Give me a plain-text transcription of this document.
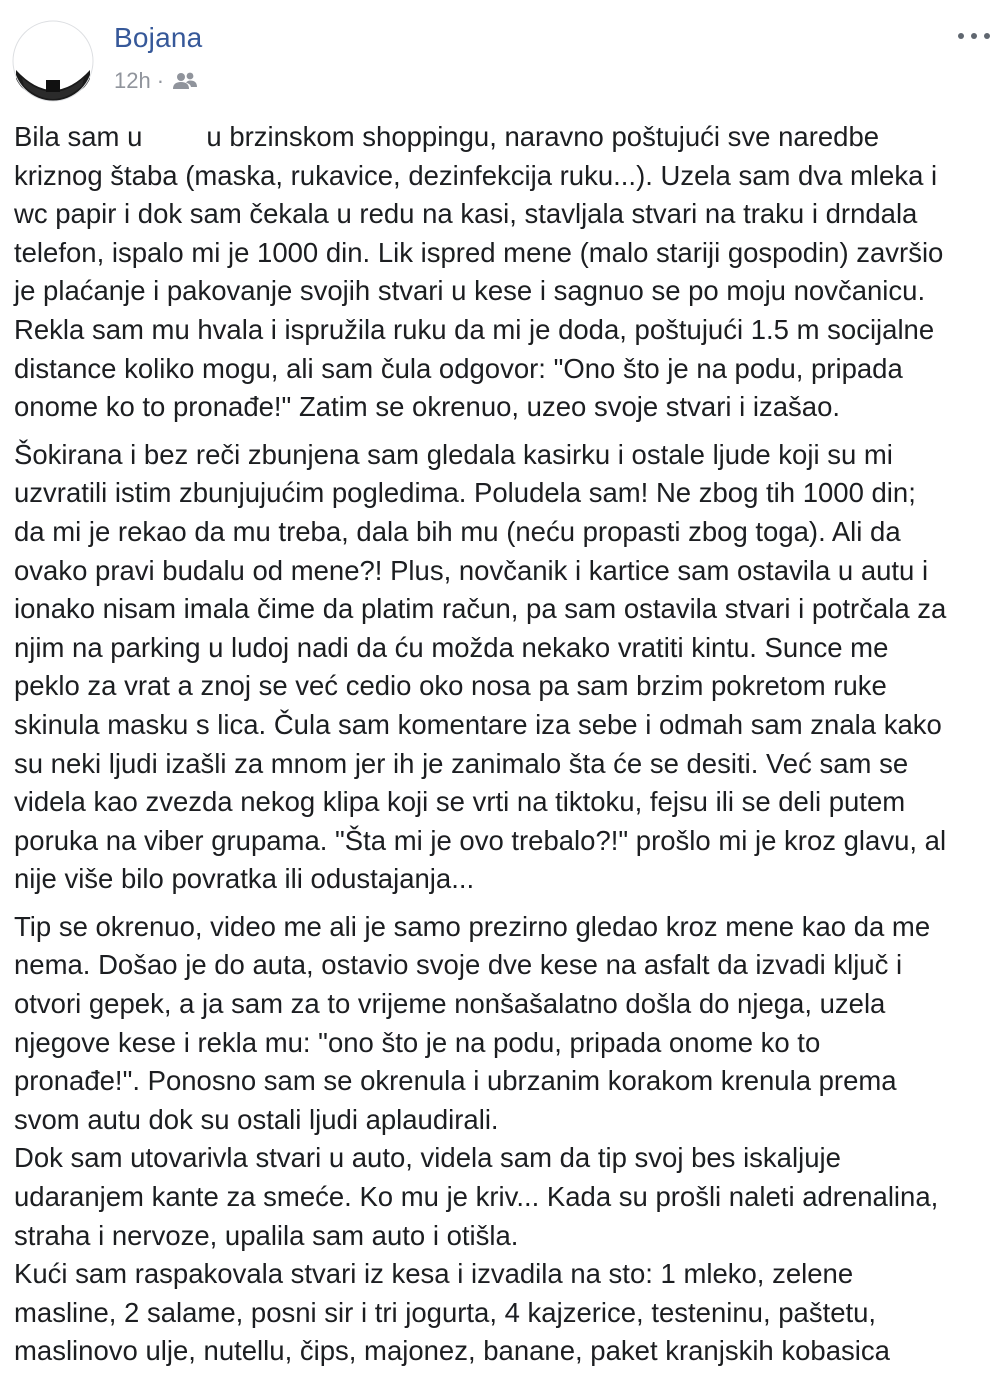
Bojana
12h ·
Bila sam u u brzinskom shoppingu, naravno poštujući sve naredbe
kriznog štaba (maska, rukavice, dezinfekcija ruku...). Uzela sam dva mleka i
wc papir i dok sam čekala u redu na kasi, stavljala stvari na traku i drndala
telefon, ispalo mi je 1000 din. Lik ispred mene (malo stariji gospodin) završio
je plaćanje i pakovanje svojih stvari u kese i sagnuo se po moju novčanicu.
Rekla sam mu hvala i ispružila ruku da mi je doda, poštujući 1.5 m socijalne
distance koliko mogu, ali sam čula odgovor: "Ono što je na podu, pripada
onome ko to pronađe!" Zatim se okrenuo, uzeo svoje stvari i izašao.
Šokirana i bez reči zbunjena sam gledala kasirku i ostale ljude koji su mi
uzvratili istim zbunjujućim pogledima. Poludela sam! Ne zbog tih 1000 din;
da mi je rekao da mu treba, dala bih mu (neću propasti zbog toga). Ali da
ovako pravi budalu od mene?! Plus, novčanik i kartice sam ostavila u autu i
ionako nisam imala čime da platim račun, pa sam ostavila stvari i potrčala za
njim na parking u ludoj nadi da ću možda nekako vratiti kintu. Sunce me
peklo za vrat a znoj se već cedio oko nosa pa sam brzim pokretom ruke
skinula masku s lica. Čula sam komentare iza sebe i odmah sam znala kako
su neki ljudi izašli za mnom jer ih je zanimalo šta će se desiti. Već sam se
videla kao zvezda nekog klipa koji se vrti na tiktoku, fejsu ili se deli putem
poruka na viber grupama. "Šta mi je ovo trebalo?!" prošlo mi je kroz glavu, al
nije više bilo povratka ili odustajanja...
Tip se okrenuo, video me ali je samo prezirno gledao kroz mene kao da me
nema. Došao je do auta, ostavio svoje dve kese na asfalt da izvadi ključ i
otvori gepek, a ja sam za to vrijeme nonšašalatno došla do njega, uzela
njegove kese i rekla mu: "ono što je na podu, pripada onome ko to
pronađe!". Ponosno sam se okrenula i ubrzanim korakom krenula prema
svom autu dok su ostali ljudi aplaudirali.
Dok sam utovarivla stvari u auto, videla sam da tip svoj bes iskaljuje
udaranjem kante za smeće. Ko mu je kriv... Kada su prošli naleti adrenalina,
straha i nervoze, upalila sam auto i otišla.
Kući sam raspakovala stvari iz kesa i izvadila na sto: 1 mleko, zelene
masline, 2 salame, posni sir i tri jogurta, 4 kajzerice, testeninu, paštetu,
maslinovo ulje, nutellu, čips, majonez, banane, paket kranjskih kobasica
